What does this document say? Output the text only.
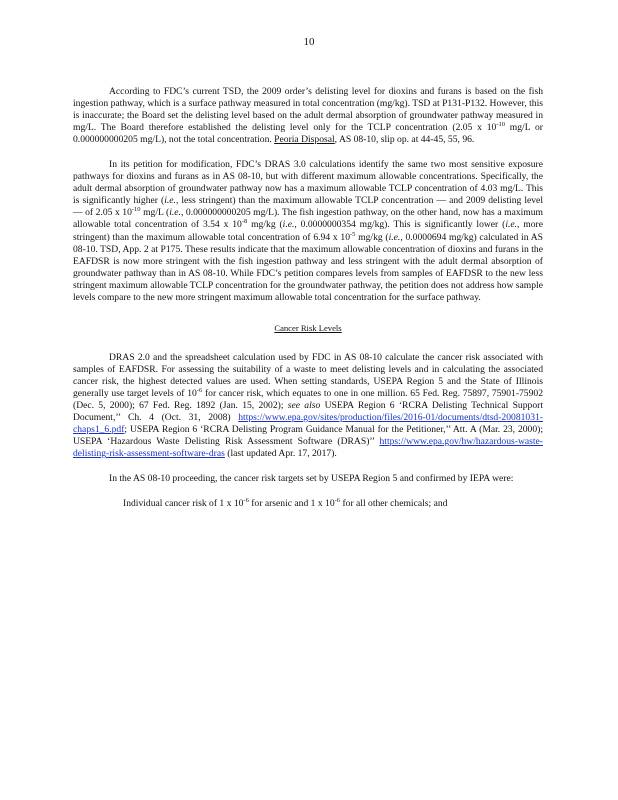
10

According to FDC’s current TSD, the 2009 order’s delisting level for dioxins and furans is based on the fish ingestion pathway, which is a surface pathway measured in total concentration (mg/kg). TSD at P131-P132. However, this is inaccurate; the Board set the delisting level based on the adult dermal absorption of groundwater pathway measured in mg/L. The Board therefore established the delisting level only for the TCLP concentration (2.05 x $10^{-10}$ mg/L or 0.000000000205 mg/L), not the total concentration. Peoria Disposal, AS 08-10, slip op. at 44-45, 55, 96.

In its petition for modification, FDC’s DRAS 3.0 calculations identify the same two most sensitive exposure pathways for dioxins and furans as in AS 08-10, but with different maximum allowable concentrations. Specifically, the adult dermal absorption of groundwater pathway now has a maximum allowable TCLP concentration of 4.03 mg/L. This is significantly higher (i.e., less stringent) than the maximum allowable TCLP concentration — and 2009 delisting level — of 2.05 x $10^{-10}$ mg/L (i.e., 0.000000000205 mg/L). The fish ingestion pathway, on the other hand, now has a maximum allowable total concentration of 3.54 x $10^{-8}$ mg/kg (i.e., 0.0000000354 mg/kg). This is significantly lower (i.e., more stringent) than the maximum allowable total concentration of 6.94 x $10^{-5}$ mg/kg (i.e., 0.0000694 mg/kg) calculated in AS 08-10. TSD, App. 2 at P175. These results indicate that the maximum allowable concentration of dioxins and furans in the EAFDSR is now more stringent with the fish ingestion pathway and less stringent with the adult dermal absorption of groundwater pathway than in AS 08-10. While FDC’s petition compares levels from samples of EAFDSR to the new less stringent maximum allowable TCLP concentration for the groundwater pathway, the petition does not address how sample levels compare to the new more stringent maximum allowable total concentration for the surface pathway.

Cancer Risk Levels

DRAS 2.0 and the spreadsheet calculation used by FDC in AS 08-10 calculate the cancer risk associated with samples of EAFDSR. For assessing the suitability of a waste to meet delisting levels and in calculating the associated cancer risk, the highest detected values are used. When setting standards, USEPA Region 5 and the State of Illinois generally use target levels of $10^{-6}$ for cancer risk, which equates to one in one million. 65 Fed. Reg. 75897, 75901-75902 (Dec. 5, 2000); 67 Fed. Reg. 1892 (Jan. 15, 2002); see also USEPA Region 6 ‘RCRA Delisting Technical Support Document,’’ Ch. 4 (Oct. 31, 2008) https://www.epa.gov/sites/production/files/2016-01/documents/dtsd-20081031-chaps1_6.pdf; USEPA Region 6 ‘RCRA Delisting Program Guidance Manual for the Petitioner,’’ Att. A (Mar. 23, 2000); USEPA ‘Hazardous Waste Delisting Risk Assessment Software (DRAS)’’ https://www.epa.gov/hw/hazardous-waste-delisting-risk-assessment-software-dras (last updated Apr. 17, 2017).

In the AS 08-10 proceeding, the cancer risk targets set by USEPA Region 5 and confirmed by IEPA were:

Individual cancer risk of 1 x $10^{-6}$ for arsenic and 1 x $10^{-6}$ for all other chemicals; and
